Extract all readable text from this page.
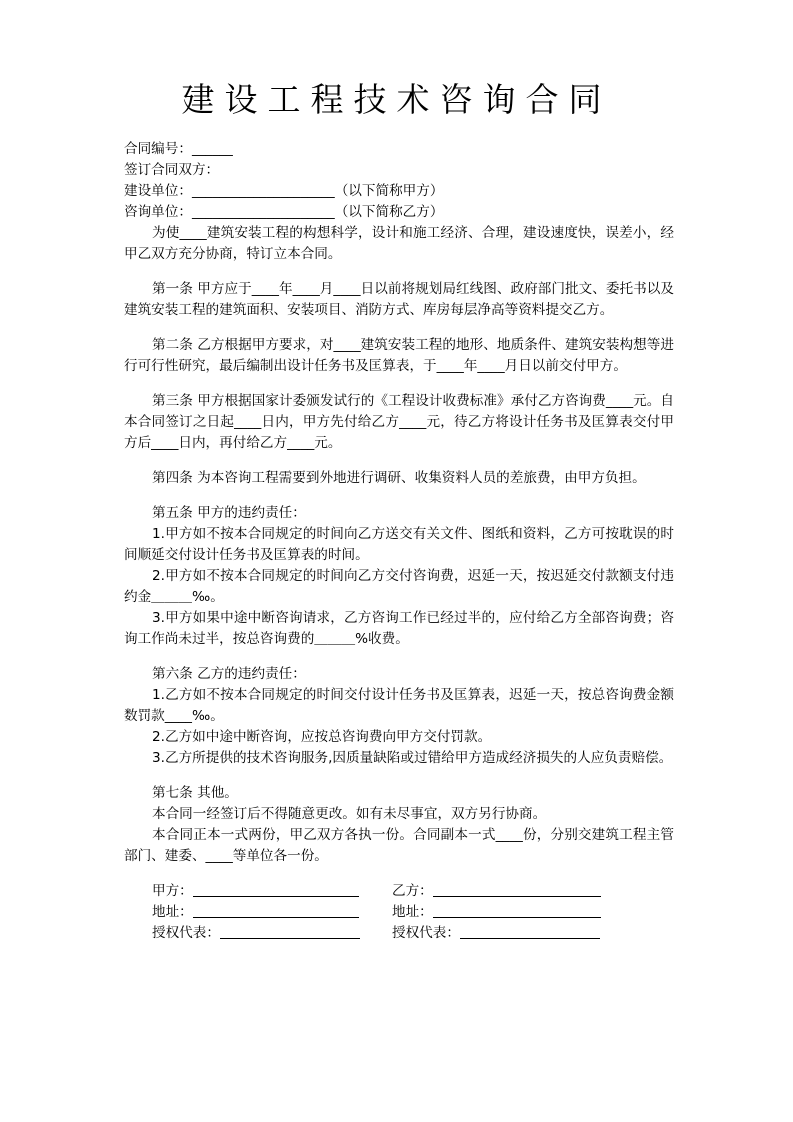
建设工程技术咨询合同
合同编号：______
签订合同双方：
建设单位：_____________________（以下简称甲方）
咨询单位：_____________________（以下简称乙方）
为使____建筑安装工程的构想科学，设计和施工经济、合理，建设速度快，误差小，经甲乙双方充分协商，特订立本合同。
第一条 甲方应于____年____月____日以前将规划局红线图、政府部门批文、委托书以及建筑安装工程的建筑面积、安装项目、消防方式、库房每层净高等资料提交乙方。
第二条 乙方根据甲方要求，对____建筑安装工程的地形、地质条件、建筑安装构想等进行可行性研究，最后编制出设计任务书及匡算表，于____年____月日以前交付甲方。
第三条 甲方根据国家计委颁发试行的《工程设计收费标准》承付乙方咨询费____元。自本合同签订之日起____日内，甲方先付给乙方____元，待乙方将设计任务书及匡算表交付甲方后____日内，再付给乙方____元。
第四条 为本咨询工程需要到外地进行调研、收集资料人员的差旅费，由甲方负担。
第五条 甲方的违约责任：
1.甲方如不按本合同规定的时间向乙方送交有关文件、图纸和资料，乙方可按耽误的时间顺延交付设计任务书及匡算表的时间。
2.甲方如不按本合同规定的时间向乙方交付咨询费，迟延一天，按迟延交付款额支付违约金＿＿＿‰。
3.甲方如果中途中断咨询请求，乙方咨询工作已经过半的，应付给乙方全部咨询费；咨询工作尚未过半，按总咨询费的＿＿＿%收费。
第六条 乙方的违约责任：
1.乙方如不按本合同规定的时间交付设计任务书及匡算表，迟延一天，按总咨询费金额数罚款____‰。
2.乙方如中途中断咨询，应按总咨询费向甲方交付罚款。
3.乙方所提供的技术咨询服务,因质量缺陷或过错给甲方造成经济损失的人应负责赔偿。
第七条 其他。
本合同一经签订后不得随意更改。如有未尽事宜，双方另行协商。
本合同正本一式两份，甲乙双方各执一份。合同副本一式____份，分别交建筑工程主管部门、建委、____等单位各一份。
甲方：	乙方：
地址：	地址：
授权代表：	授权代表：
